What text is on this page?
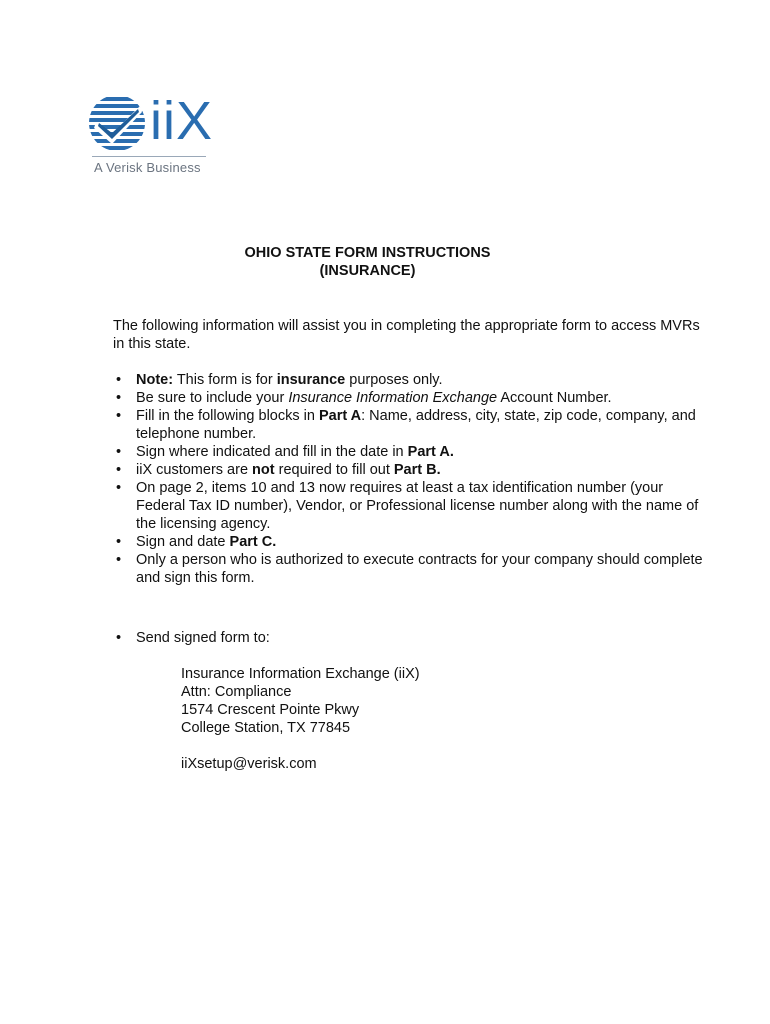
iiX
A Verisk Business
OHIO STATE FORM INSTRUCTIONS
(INSURANCE)
The following information will assist you in completing the appropriate form to access MVRs in this state.
• Note: This form is for insurance purposes only.
• Be sure to include your Insurance Information Exchange Account Number.
• Fill in the following blocks in Part A: Name, address, city, state, zip code, company, and telephone number.
• Sign where indicated and fill in the date in Part A.
• iiX customers are not required to fill out Part B.
• On page 2, items 10 and 13 now requires at least a tax identification number (your Federal Tax ID number), Vendor, or Professional license number along with the name of the licensing agency.
• Sign and date Part C.
• Only a person who is authorized to execute contracts for your company should complete and sign this form.
• Send signed form to:
Insurance Information Exchange (iiX)
Attn: Compliance
1574 Crescent Pointe Pkwy
College Station, TX 77845
iiXsetup@verisk.com
